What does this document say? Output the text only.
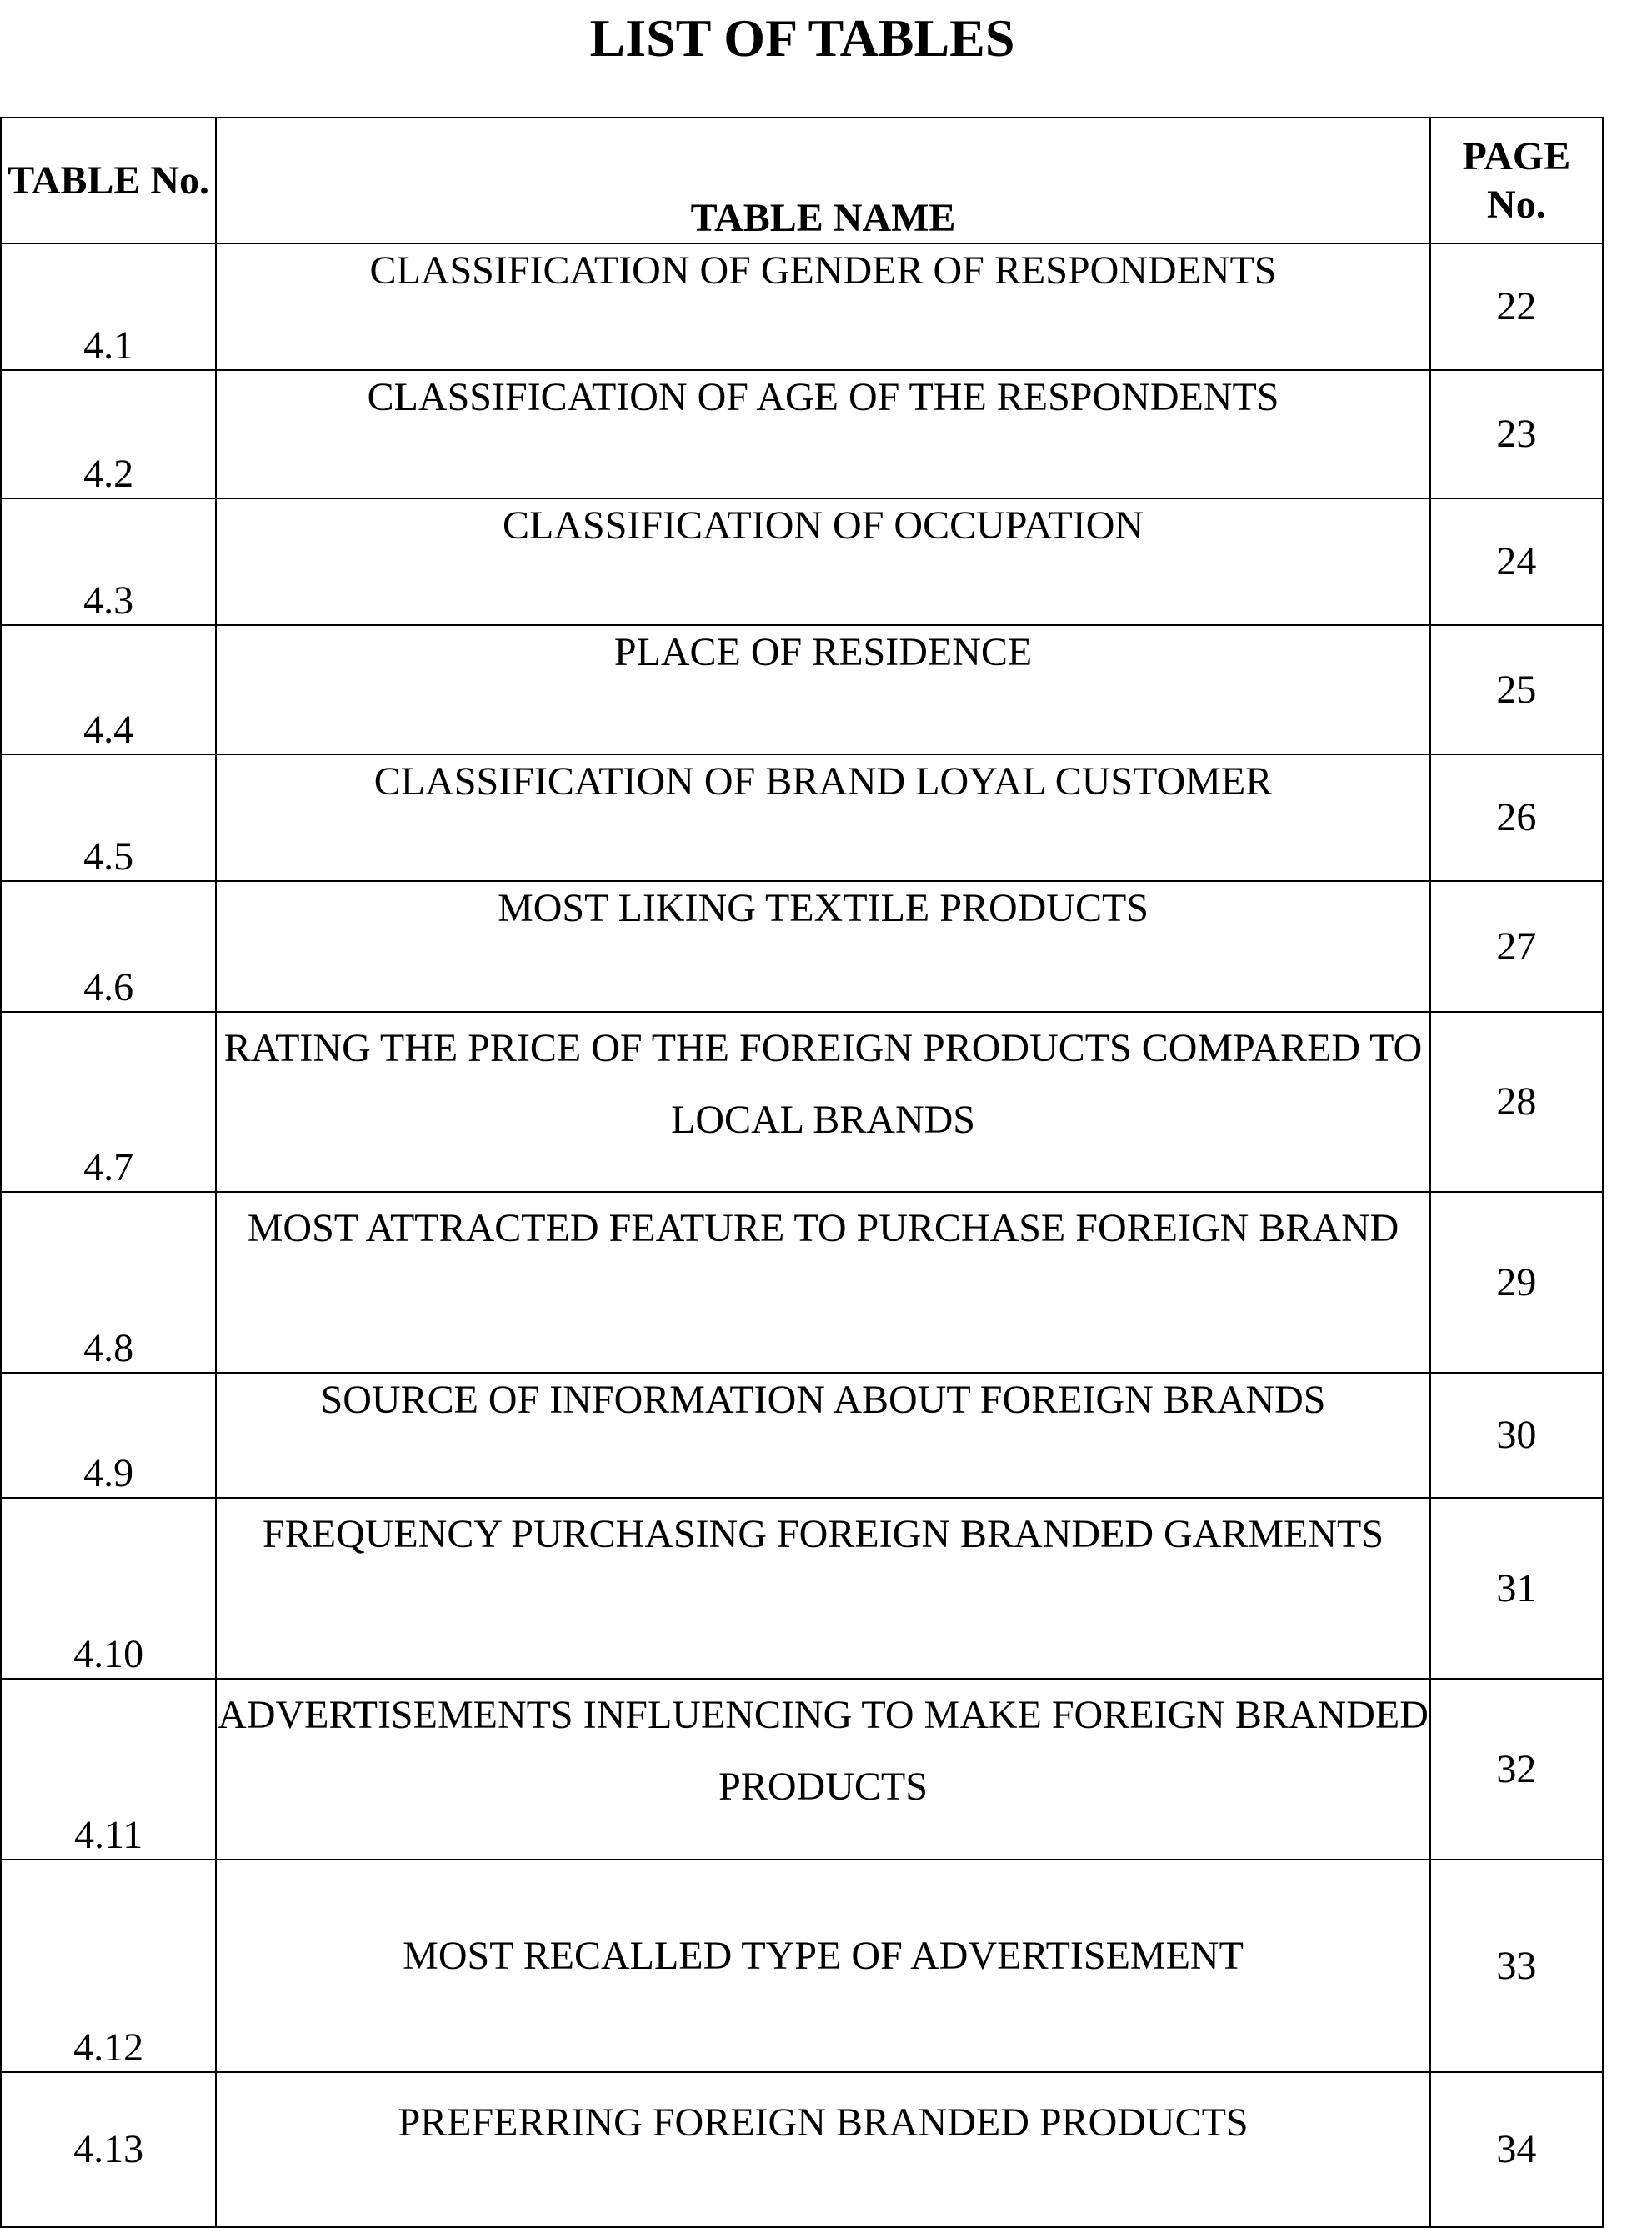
LIST OF TABLES
TABLE No.	TABLE NAME	PAGE No.
4.1	CLASSIFICATION OF GENDER OF RESPONDENTS	22
4.2	CLASSIFICATION OF AGE OF THE RESPONDENTS	23
4.3	CLASSIFICATION OF OCCUPATION	24
4.4	PLACE OF RESIDENCE	25
4.5	CLASSIFICATION OF BRAND LOYAL CUSTOMER	26
4.6	MOST LIKING TEXTILE PRODUCTS	27
4.7	RATING THE PRICE OF THE FOREIGN PRODUCTS COMPARED TO LOCAL BRANDS	28
4.8	MOST ATTRACTED FEATURE TO PURCHASE FOREIGN BRAND	29
4.9	SOURCE OF INFORMATION ABOUT FOREIGN BRANDS	30
4.10	FREQUENCY PURCHASING FOREIGN BRANDED GARMENTS	31
4.11	ADVERTISEMENTS INFLUENCING TO MAKE FOREIGN BRANDED PRODUCTS	32
4.12	MOST RECALLED TYPE OF ADVERTISEMENT	33
4.13	PREFERRING FOREIGN BRANDED PRODUCTS	34
